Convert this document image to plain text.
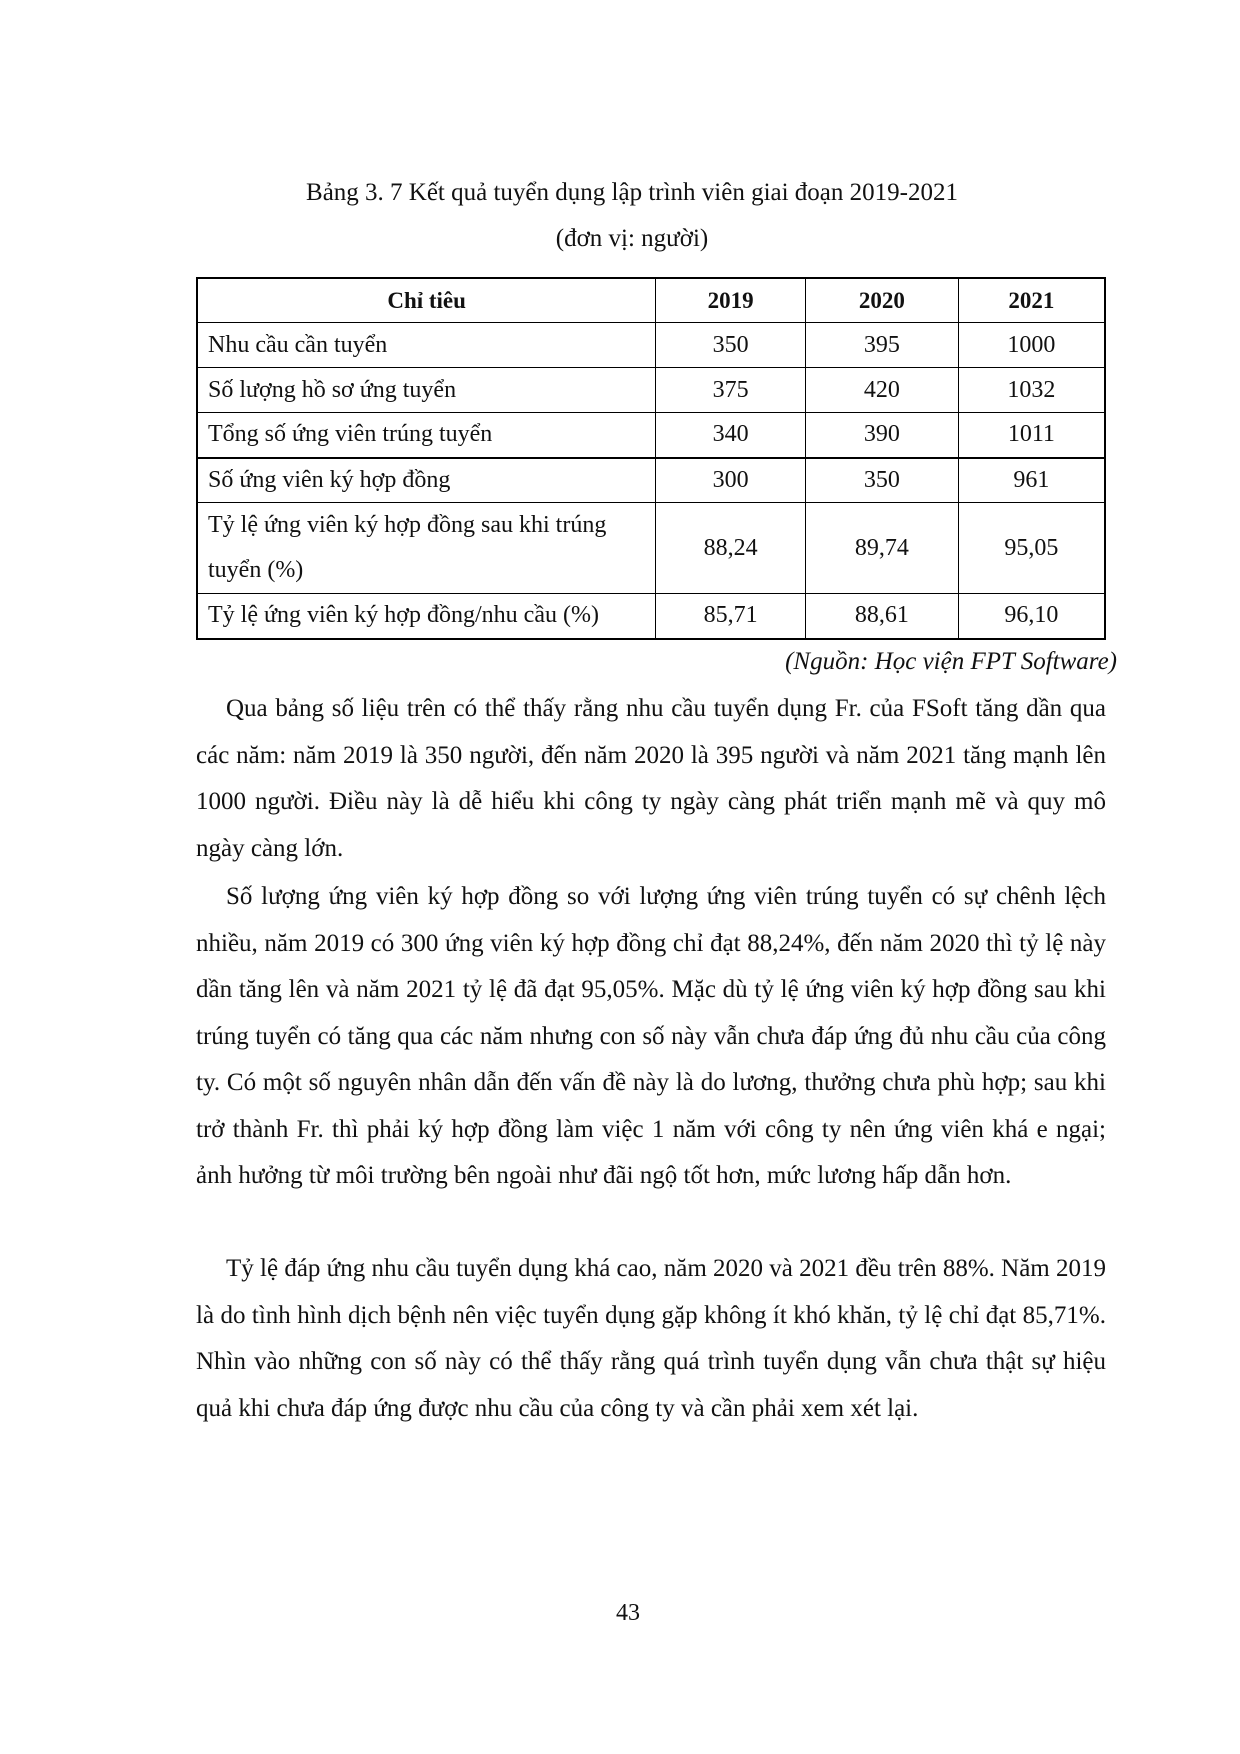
Bảng 3. 7 Kết quả tuyển dụng lập trình viên giai đoạn 2019-2021
(đơn vị: người)
Chỉ tiêu	2019	2020	2021
Nhu cầu cần tuyển	350	395	1000
Số lượng hồ sơ ứng tuyển	375	420	1032
Tổng số ứng viên trúng tuyển	340	390	1011
Số ứng viên ký hợp đồng	300	350	961
Tỷ lệ ứng viên ký hợp đồng sau khi trúng tuyển (%)	88,24	89,74	95,05
Tỷ lệ ứng viên ký hợp đồng/nhu cầu (%)	85,71	88,61	96,10
(Nguồn: Học viện FPT Software)

Qua bảng số liệu trên có thể thấy rằng nhu cầu tuyển dụng Fr. của FSoft tăng dần qua các năm: năm 2019 là 350 người, đến năm 2020 là 395 người và năm 2021 tăng mạnh lên 1000 người. Điều này là dễ hiểu khi công ty ngày càng phát triển mạnh mẽ và quy mô ngày càng lớn.

Số lượng ứng viên ký hợp đồng so với lượng ứng viên trúng tuyển có sự chênh lệch nhiều, năm 2019 có 300 ứng viên ký hợp đồng chỉ đạt 88,24%, đến năm 2020 thì tỷ lệ này dần tăng lên và năm 2021 tỷ lệ đã đạt 95,05%. Mặc dù tỷ lệ ứng viên ký hợp đồng sau khi trúng tuyển có tăng qua các năm nhưng con số này vẫn chưa đáp ứng đủ nhu cầu của công ty. Có một số nguyên nhân dẫn đến vấn đề này là do lương, thưởng chưa phù hợp; sau khi trở thành Fr. thì phải ký hợp đồng làm việc 1 năm với công ty nên ứng viên khá e ngại; ảnh hưởng từ môi trường bên ngoài như đãi ngộ tốt hơn, mức lương hấp dẫn hơn.

Tỷ lệ đáp ứng nhu cầu tuyển dụng khá cao, năm 2020 và 2021 đều trên 88%. Năm 2019 là do tình hình dịch bệnh nên việc tuyển dụng gặp không ít khó khăn, tỷ lệ chỉ đạt 85,71%. Nhìn vào những con số này có thể thấy rằng quá trình tuyển dụng vẫn chưa thật sự hiệu quả khi chưa đáp ứng được nhu cầu của công ty và cần phải xem xét lại.

43
